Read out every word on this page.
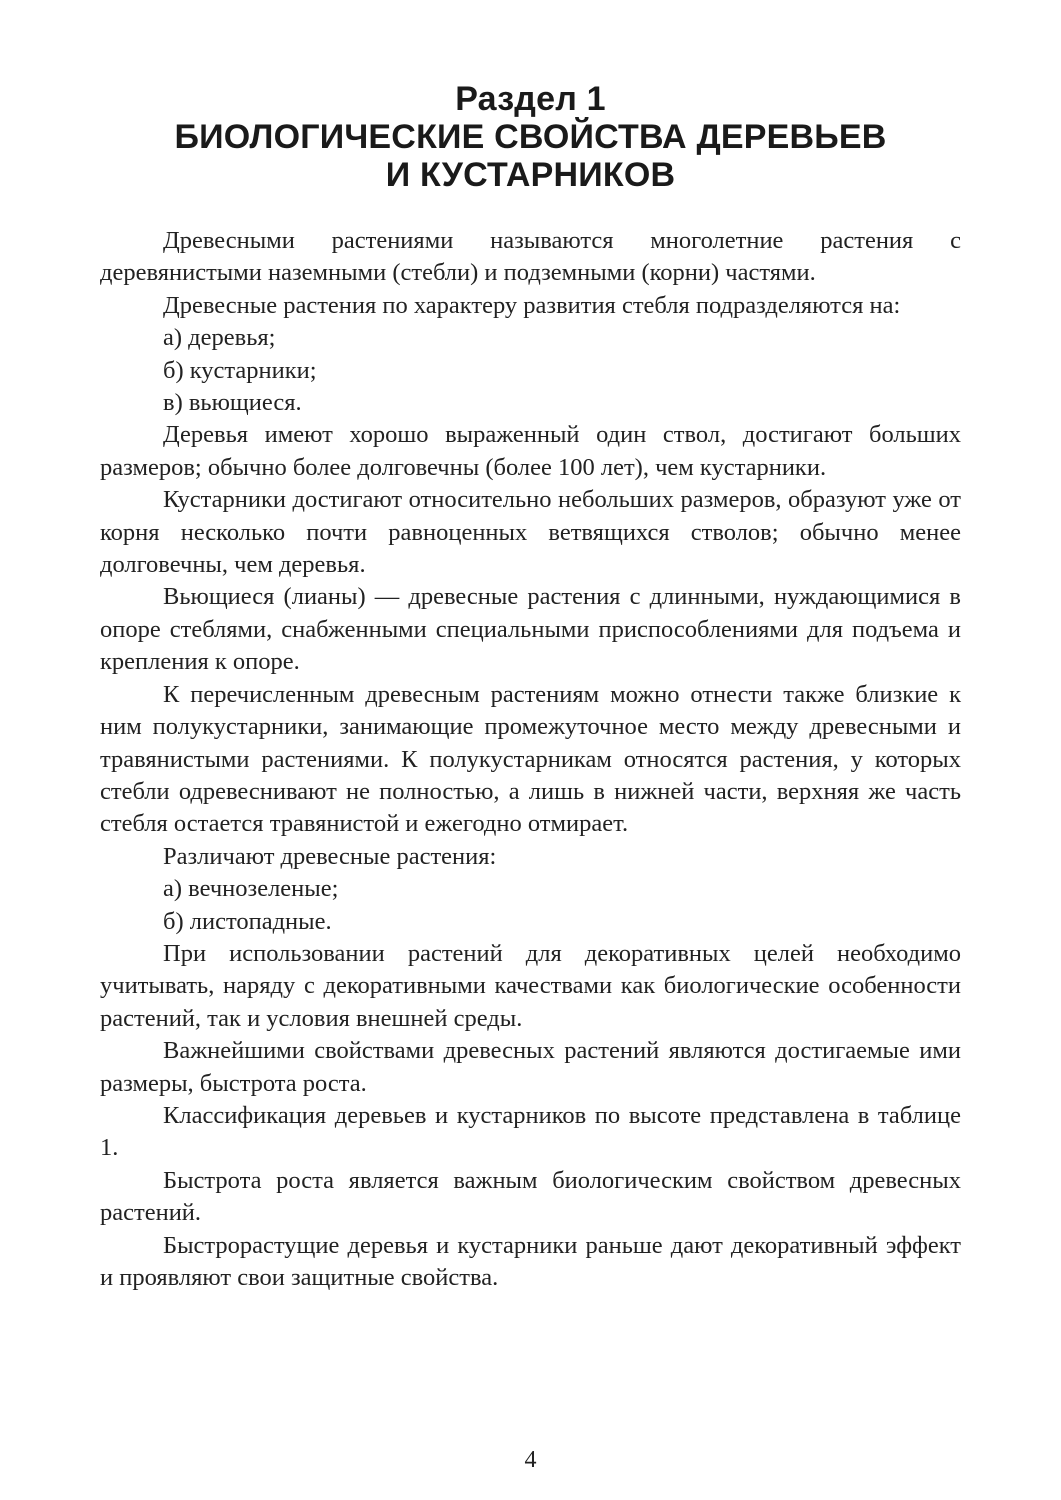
Раздел 1
БИОЛОГИЧЕСКИЕ СВОЙСТВА ДЕРЕВЬЕВ
И КУСТАРНИКОВ

Древесными растениями называются многолетние растения с деревянистыми наземными (стебли) и подземными (корни) частями.

Древесные растения по характеру развития стебля подразделяются на:

а) деревья;

б) кустарники;

в) вьющиеся.

Деревья имеют хорошо выраженный один ствол, достигают больших размеров; обычно более долговечны (более 100 лет), чем кустарники.

Кустарники достигают относительно небольших размеров, образуют уже от корня несколько почти равноценных ветвящихся стволов; обычно менее долговечны, чем деревья.

Вьющиеся (лианы) — древесные растения с длинными, нуждающимися в опоре стеблями, снабженными специальными приспособлениями для подъема и крепления к опоре.

К перечисленным древесным растениям можно отнести также близкие к ним полукустарники, занимающие промежуточное место между древесными и травянистыми растениями. К полукустарникам относятся растения, у которых стебли одревеснивают не полностью, а лишь в нижней части, верхняя же часть стебля остается травянистой и ежегодно отмирает.

Различают древесные растения:

а) вечнозеленые;

б) листопадные.

При использовании растений для декоративных целей необходимо учитывать, наряду с декоративными качествами как биологические особенности растений, так и условия внешней среды.

Важнейшими свойствами древесных растений являются достигаемые ими размеры, быстрота роста.

Классификация деревьев и кустарников по высоте представлена в таблице 1.

Быстрота роста является важным биологическим свойством древесных растений.

Быстрорастущие деревья и кустарники раньше дают декоративный эффект и проявляют свои защитные свойства.

4
